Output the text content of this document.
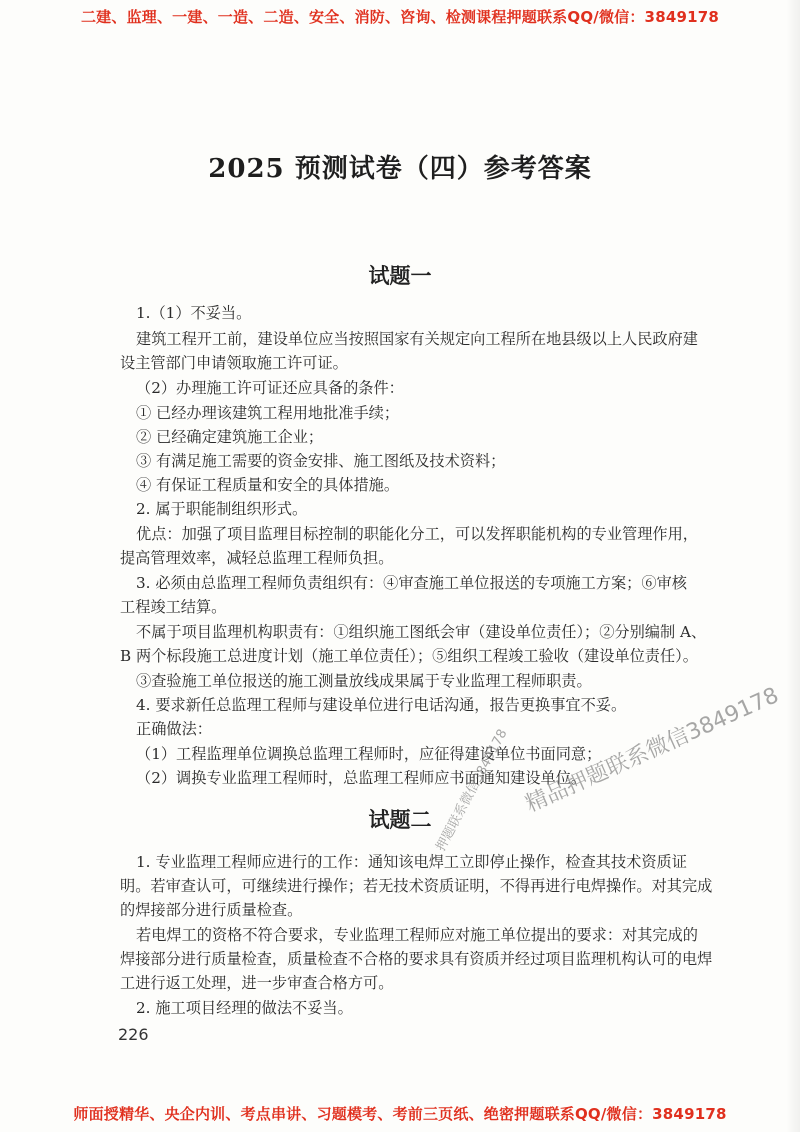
二建、监理、一建、一造、二造、安全、消防、咨询、检测课程押题联系QQ/微信：3849178
2025 预测试卷（四）参考答案
试题一
1.（1）不妥当。
建筑工程开工前，建设单位应当按照国家有关规定向工程所在地县级以上人民政府建
设主管部门申请领取施工许可证。
（2）办理施工许可证还应具备的条件：
① 已经办理该建筑工程用地批准手续；
② 已经确定建筑施工企业；
③ 有满足施工需要的资金安排、施工图纸及技术资料；
④ 有保证工程质量和安全的具体措施。
2. 属于职能制组织形式。
优点：加强了项目监理目标控制的职能化分工，可以发挥职能机构的专业管理作用，
提高管理效率，减轻总监理工程师负担。
3. 必须由总监理工程师负责组织有：④审查施工单位报送的专项施工方案；⑥审核
工程竣工结算。
不属于项目监理机构职责有：①组织施工图纸会审（建设单位责任）；②分别编制 A、
B 两个标段施工总进度计划（施工单位责任）；⑤组织工程竣工验收（建设单位责任）。
③查验施工单位报送的施工测量放线成果属于专业监理工程师职责。
4. 要求新任总监理工程师与建设单位进行电话沟通，报告更换事宜不妥。
正确做法：
（1）工程监理单位调换总监理工程师时，应征得建设单位书面同意；
（2）调换专业监理工程师时，总监理工程师应书面通知建设单位。
试题二
1. 专业监理工程师应进行的工作：通知该电焊工立即停止操作，检查其技术资质证
明。若审查认可，可继续进行操作；若无技术资质证明，不得再进行电焊操作。对其完成
的焊接部分进行质量检查。
若电焊工的资格不符合要求，专业监理工程师应对施工单位提出的要求：对其完成的
焊接部分进行质量检查，质量检查不合格的要求具有资质并经过项目监理机构认可的电焊
工进行返工处理，进一步审查合格方可。
2. 施工项目经理的做法不妥当。
226
精品押题联系微信3849178
押题联系微信3849178
师面授精华、央企内训、考点串讲、习题模考、考前三页纸、绝密押题联系QQ/微信：3849178
